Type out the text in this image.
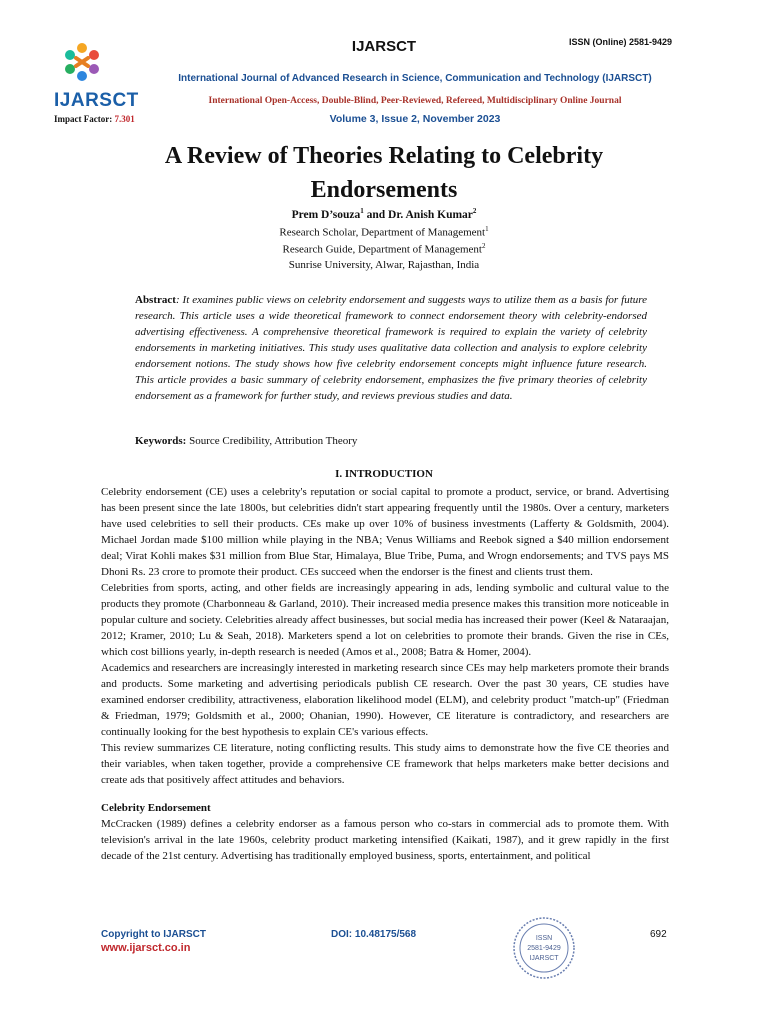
IJARSCT
Impact Factor: 7.301
IJARSCT	ISSN (Online) 2581-9429
International Journal of Advanced Research in Science, Communication and Technology (IJARSCT)
International Open-Access, Double-Blind, Peer-Reviewed, Refereed, Multidisciplinary Online Journal
Volume 3, Issue 2, November 2023
A Review of Theories Relating to Celebrity Endorsements
Prem D’souza$^1$ and Dr. Anish Kumar$^2$
Research Scholar, Department of Management$^1$
Research Guide, Department of Management$^2$
Sunrise University, Alwar, Rajasthan, India
Abstract: It examines public views on celebrity endorsement and suggests ways to utilize them as a basis for future research. This article uses a wide theoretical framework to connect endorsement theory with celebrity-endorsed advertising effectiveness. A comprehensive theoretical framework is required to explain the variety of celebrity endorsements in marketing initiatives. This study uses qualitative data collection and analysis to explore celebrity endorsement notions. The study shows how five celebrity endorsement concepts might influence future research. This article provides a basic summary of celebrity endorsement, emphasizes the five primary theories of celebrity endorsement as a framework for further study, and reviews previous studies and data.
Keywords: Source Credibility, Attribution Theory
I. INTRODUCTION

Celebrity endorsement (CE) uses a celebrity's reputation or social capital to promote a product, service, or brand. Advertising has been present since the late 1800s, but celebrities didn't start appearing frequently until the 1980s. Over a century, marketers have used celebrities to sell their products. CEs make up over 10% of business investments (Lafferty & Goldsmith, 2004). Michael Jordan made $100 million while playing in the NBA; Venus Williams and Reebok signed a $40 million endorsement deal; Virat Kohli makes $31 million from Blue Star, Himalaya, Blue Tribe, Puma, and Wrogn endorsements; and TVS pays MS Dhoni Rs. 23 crore to promote their product. CEs succeed when the endorser is the finest and clients trust them.

Celebrities from sports, acting, and other fields are increasingly appearing in ads, lending symbolic and cultural value to the products they promote (Charbonneau & Garland, 2010). Their increased media presence makes this transition more noticeable in popular culture and society. Celebrities already affect businesses, but social media has increased their power (Keel & Nataraajan, 2012; Kramer, 2010; Lu & Seah, 2018). Marketers spend a lot on celebrities to promote their brands. Given the rise in CEs, which cost billions yearly, in-depth research is needed (Amos et al., 2008; Batra & Homer, 2004).

Academics and researchers are increasingly interested in marketing research since CEs may help marketers promote their brands and products. Some marketing and advertising periodicals publish CE research. Over the past 30 years, CE studies have examined endorser credibility, attractiveness, elaboration likelihood model (ELM), and celebrity product "match-up" (Friedman & Friedman, 1979; Goldsmith et al., 2000; Ohanian, 1990). However, CE literature is contradictory, and researchers are continually looking for the best hypothesis to explain CE's various effects.

This review summarizes CE literature, noting conflicting results. This study aims to demonstrate how the five CE theories and their variables, when taken together, provide a comprehensive CE framework that helps marketers make better decisions and create ads that positively affect attitudes and behaviors.

Celebrity Endorsement

McCracken (1989) defines a celebrity endorser as a famous person who co-stars in commercial ads to promote them. With television's arrival in the late 1960s, celebrity product marketing intensified (Kaikati, 1987), and it grew rapidly in the first decade of the 21st century. Advertising has traditionally employed business, sports, entertainment, and political

Copyright to IJARSCT
www.ijarsct.co.in
DOI: 10.48175/568	ISSN
2581-9429
IJARSCT
692
